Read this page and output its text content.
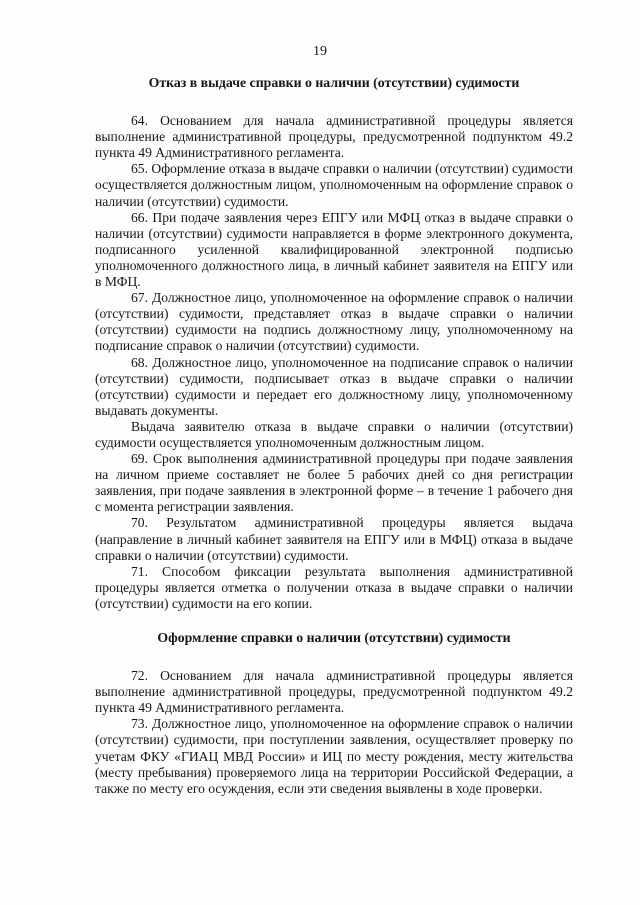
19
Отказ в выдаче справки о наличии (отсутствии) судимости

64. Основанием для начала административной процедуры является выполнение административной процедуры, предусмотренной подпунктом 49.2 пункта 49 Административного регламента.

65. Оформление отказа в выдаче справки о наличии (отсутствии) судимости осуществляется должностным лицом, уполномоченным на оформление справок о наличии (отсутствии) судимости.

66. При подаче заявления через ЕПГУ или МФЦ отказ в выдаче справки о наличии (отсутствии) судимости направляется в форме электронного документа, подписанного усиленной квалифицированной электронной подписью уполномоченного должностного лица, в личный кабинет заявителя на ЕПГУ или в МФЦ.

67. Должностное лицо, уполномоченное на оформление справок о наличии (отсутствии) судимости, представляет отказ в выдаче справки о наличии (отсутствии) судимости на подпись должностному лицу, уполномоченному на подписание справок о наличии (отсутствии) судимости.

68. Должностное лицо, уполномоченное на подписание справок о наличии (отсутствии) судимости, подписывает отказ в выдаче справки о наличии (отсутствии) судимости и передает его должностному лицу, уполномоченному выдавать документы.

Выдача заявителю отказа в выдаче справки о наличии (отсутствии) судимости осуществляется уполномоченным должностным лицом.

69. Срок выполнения административной процедуры при подаче заявления на личном приеме составляет не более 5 рабочих дней со дня регистрации заявления, при подаче заявления в электронной форме – в течение 1 рабочего дня с момента регистрации заявления.

70. Результатом административной процедуры является выдача (направление в личный кабинет заявителя на ЕПГУ или в МФЦ) отказа в выдаче справки о наличии (отсутствии) судимости.

71. Способом фиксации результата выполнения административной процедуры является отметка о получении отказа в выдаче справки о наличии (отсутствии) судимости на его копии.

Оформление справки о наличии (отсутствии) судимости

72. Основанием для начала административной процедуры является выполнение административной процедуры, предусмотренной подпунктом 49.2 пункта 49 Административного регламента.

73. Должностное лицо, уполномоченное на оформление справок о наличии (отсутствии) судимости, при поступлении заявления, осуществляет проверку по учетам ФКУ «ГИАЦ МВД России» и ИЦ по месту рождения, месту жительства (месту пребывания) проверяемого лица на территории Российской Федерации, а также по месту его осуждения, если эти сведения выявлены в ходе проверки.
